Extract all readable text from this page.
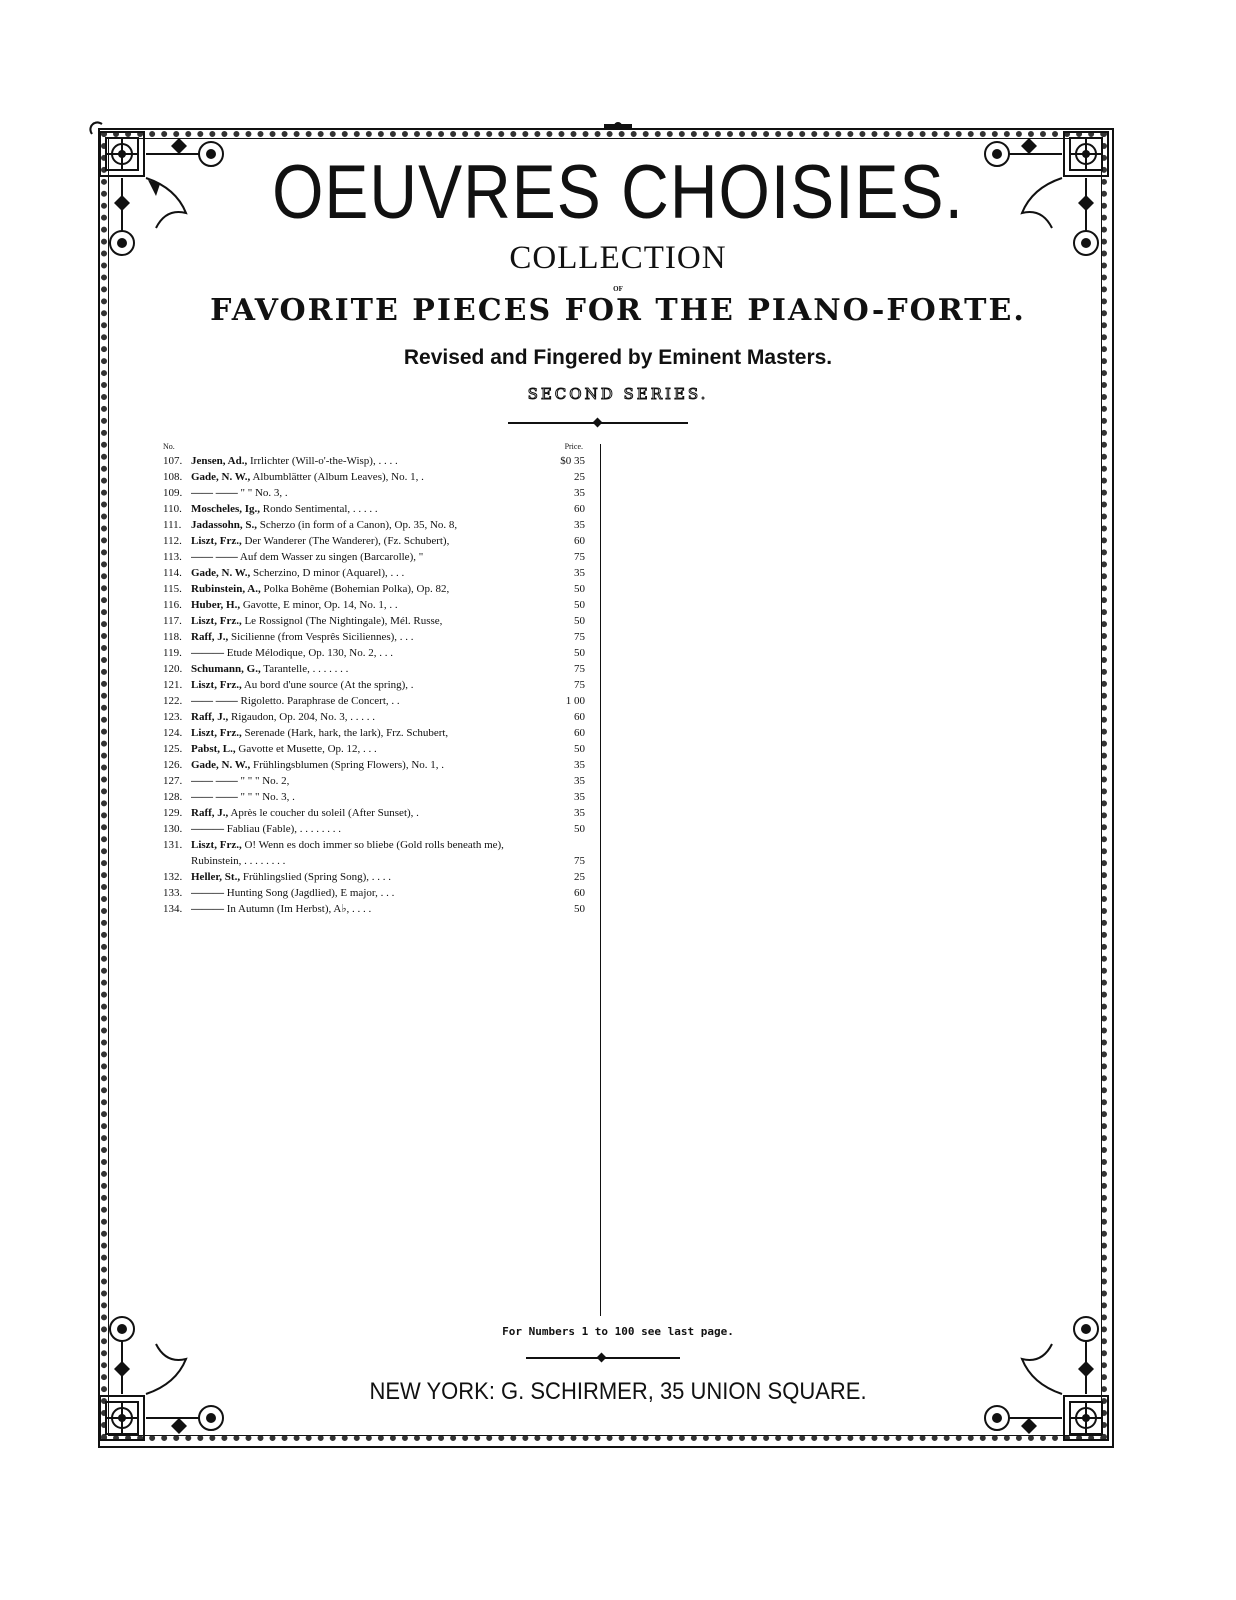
OEUVRES CHOISIES.
COLLECTION
OF
FAVORITE PIECES FOR THE PIANO-FORTE.
Revised and Fingered by Eminent Masters.
SECOND SERIES.
No.	Price.
107. Jensen, Ad., Irrlichter (Will-o'-the-Wisp), . . . .	$0 35
108. Gade, N. W., Albumblätter (Album Leaves), No. 1, .	25
109. —— —— " " No. 3, .	35
110. Moscheles, Ig., Rondo Sentimental, . . . . .	60
111. Jadassohn, S., Scherzo (in form of a Canon), Op. 35, No. 8,	35
112. Liszt, Frz., Der Wanderer (The Wanderer), (Fz. Schubert),	60
113. —— —— Auf dem Wasser zu singen (Barcarolle), "	75
114. Gade, N. W., Scherzino, D minor (Aquarel), . . .	35
115. Rubinstein, A., Polka Bohême (Bohemian Polka), Op. 82,	50
116. Huber, H., Gavotte, E minor, Op. 14, No. 1, . .	50
117. Liszt, Frz., Le Rossignol (The Nightingale), Mél. Russe,	50
118. Raff, J., Sicilienne (from Vesprês Siciliennes), . . .	75
119. ——— Etude Mélodique, Op. 130, No. 2, . . .	50
120. Schumann, G., Tarantelle, . . . . . . .	75
121. Liszt, Frz., Au bord d'une source (At the spring), .	75
122. —— —— Rigoletto. Paraphrase de Concert, . .	1 00
123. Raff, J., Rigaudon, Op. 204, No. 3, . . . . .	60
124. Liszt, Frz., Serenade (Hark, hark, the lark), Frz. Schubert,	60
125. Pabst, L., Gavotte et Musette, Op. 12, . . .	50
126. Gade, N. W., Frühlingsblumen (Spring Flowers), No. 1, .	35
127. —— —— " " " No. 2,	35
128. —— —— " " " No. 3, .	35
129. Raff, J., Après le coucher du soleil (After Sunset), .	35
130. ——— Fabliau (Fable), . . . . . . . .	50
131. Liszt, Frz., O! Wenn es doch immer so bliebe (Gold rolls beneath me), Rubinstein, . . . . . . . .	75
132. Heller, St., Frühlingslied (Spring Song), . . . .	25
133. ——— Hunting Song (Jagdlied), E major, . . .	60
134. ——— In Autumn (Im Herbst), A♭, . . . .	50
For Numbers 1 to 100 see last page.
NEW YORK: G. SCHIRMER, 35 UNION SQUARE.
